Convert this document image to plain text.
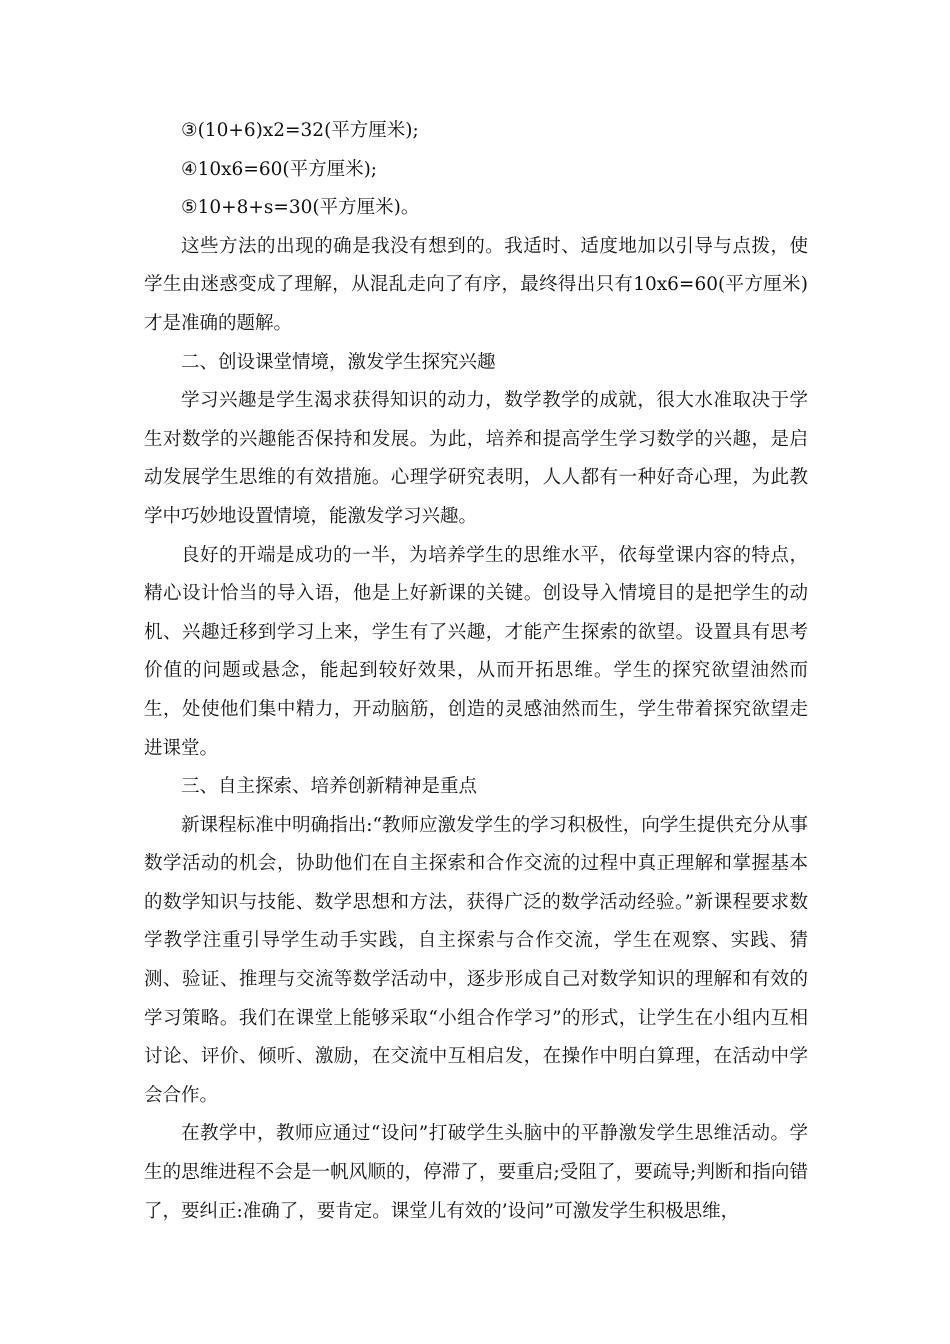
③(10+6)x2=32(平方厘米);

④10x6=60(平方厘米);

⑤10+8+s=30(平方厘米)。

这些方法的出现的确是我没有想到的。我适时、适度地加以引导与点拨，使学生由迷惑变成了理解，从混乱走向了有序，最终得出只有10x6=60(平方厘米)才是准确的题解。

二、创设课堂情境，激发学生探究兴趣

学习兴趣是学生渴求获得知识的动力，数学教学的成就，很大水准取决于学生对数学的兴趣能否保持和发展。为此，培养和提高学生学习数学的兴趣，是启动发展学生思维的有效措施。心理学研究表明，人人都有一种好奇心理，为此教学中巧妙地设置情境，能激发学习兴趣。

良好的开端是成功的一半，为培养学生的思维水平，依每堂课内容的特点，精心设计恰当的导入语，他是上好新课的关键。创设导入情境目的是把学生的动机、兴趣迁移到学习上来，学生有了兴趣，才能产生探索的欲望。设置具有思考价值的问题或悬念，能起到较好效果，从而开拓思维。学生的探究欲望油然而生，处使他们集中精力，开动脑筋，创造的灵感油然而生，学生带着探究欲望走进课堂。

三、自主探索、培养创新精神是重点

新课程标准中明确指出:“教师应激发学生的学习积极性，向学生提供充分从事数学活动的机会，协助他们在自主探索和合作交流的过程中真正理解和掌握基本的数学知识与技能、数学思想和方法，获得广泛的数学活动经验。”新课程要求数学教学注重引导学生动手实践，自主探索与合作交流，学生在观察、实践、猜测、验证、推理与交流等数学活动中，逐步形成自己对数学知识的理解和有效的学习策略。我们在课堂上能够采取“小组合作学习”的形式，让学生在小组内互相讨论、评价、倾听、激励，在交流中互相启发，在操作中明白算理，在活动中学会合作。

在教学中，教师应通过“设问”打破学生头脑中的平静激发学生思维活动。学生的思维进程不会是一帆风顺的，停滞了，要重启;受阻了，要疏导;判断和指向错了，要纠正:准确了，要肯定。课堂儿有效的’设问”可激发学生积极思维，
